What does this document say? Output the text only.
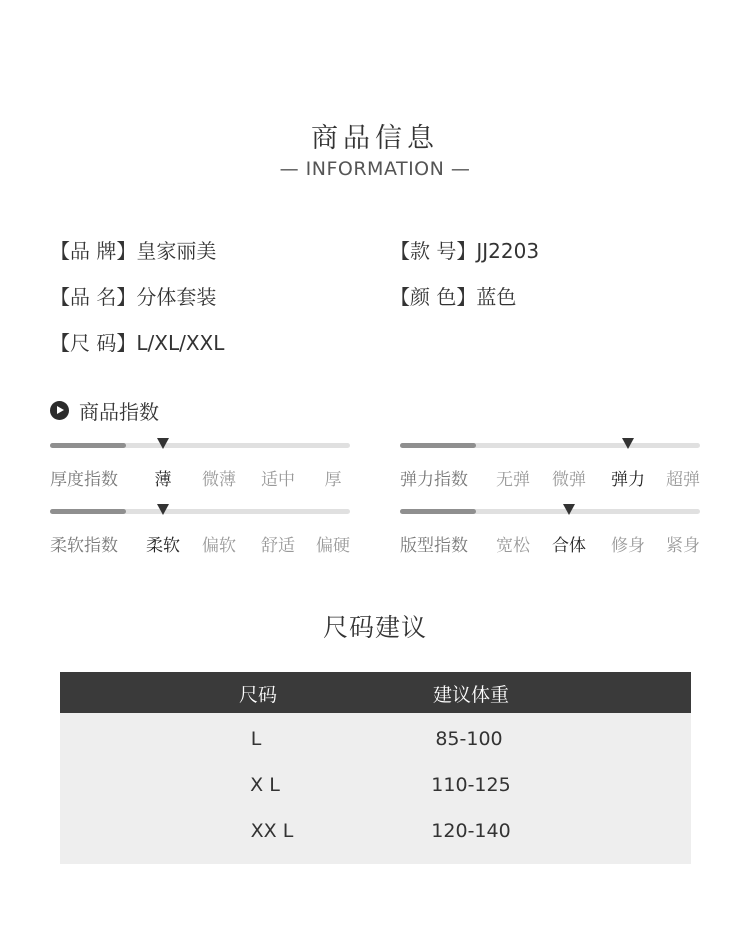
商品信息
— INFORMATION —
【品 牌】皇家丽美	【款 号】JJ2203
【品 名】分体套装	【颜 色】蓝色
【尺 码】L/XL/XXL
商品指数
厚度指数 薄 微薄 适中 厚	弹力指数 无弹 微弹 弹力 超弹
柔软指数 柔软 偏软 舒适 偏硬	版型指数 宽松 合体 修身 紧身
尺码建议
尺码	建议体重
L	85-100
X L	110-125
XX L	120-140
